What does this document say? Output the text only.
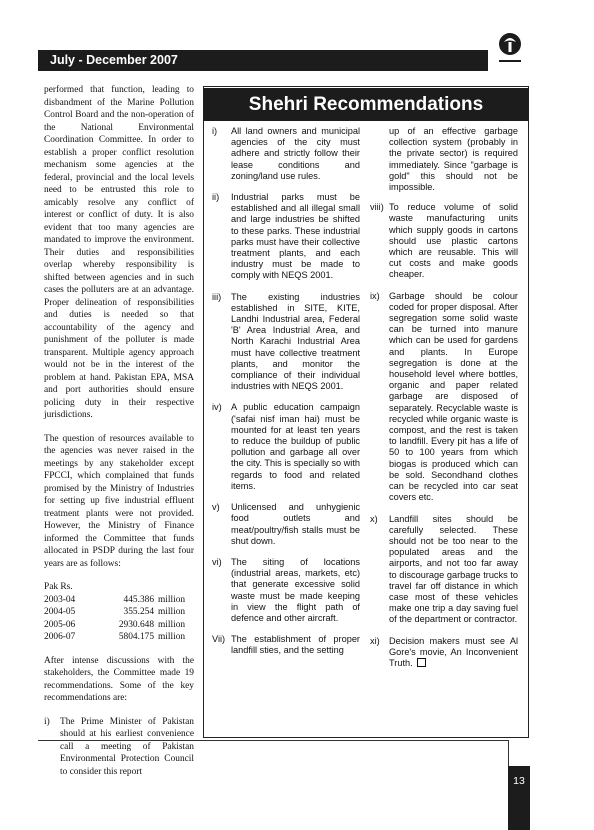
July - December 2007

performed that function, leading to disbandment of the Marine Pollution Control Board and the non-operation of the National Environmental Coordination Committee. In order to establish a proper conflict resolution mechanism some agencies at the federal, provincial and the local levels need to be entrusted this role to amicably resolve any conflict of interest or conflict of duty. It is also evident that too many agencies are mandated to improve the environment. Their duties and responsibilities overlap whereby responsibility is shifted between agencies and in such cases the polluters are at an advantage. Proper delineation of responsibilities and duties is needed so that accountability of the agency and punishment of the polluter is made transparent. Multiple agency approach would not be in the interest of the problem at hand. Pakistan EPA, MSA and port authorities should ensure policing duty in their respective jurisdictions.

The question of resources available to the agencies was never raised in the meetings by any stakeholder except FPCCI, which complained that funds promised by the Ministry of Industries for setting up five industrial effluent treatment plants were not provided. However, the Ministry of Finance informed the Committee that funds allocated in PSDP during the last four years are as follows:

Pak Rs.
2003-04	445.386 million
2004-05	355.254 million
2005-06	2930.648 million
2006-07	5804.175 million

After intense discussions with the stakeholders, the Committee made 19 recommendations. Some of the key recommendations are:

i)	The Prime Minister of Pakistan should at his earliest convenience call a meeting of Pakistan Environmental Protection Council to consider this report
Shehri Recommendations
i)	All land owners and municipal agencies of the city must adhere and strictly follow their lease conditions and zoning/land use rules.
ii)	Industrial parks must be established and all illegal small and large industries be shifted to these parks. These industrial parks must have their collective treatment plants, and each industry must be made to comply with NEQS 2001.
iii)	The existing industries established in SITE, KITE, Landhi Industrial area, Federal 'B' Area Industrial Area, and North Karachi Industrial Area must have collective treatment plants, and monitor the compliance of their individual industries with NEQS 2001.
iv)	A public education campaign ('safai nisf iman hai) must be mounted for at least ten years to reduce the buildup of public pollution and garbage all over the city. This is specially so with regards to food and related items.
v)	Unlicensed and unhygienic food outlets and meat/poultry/fish stalls must be shut down.
vi)	The siting of locations (industrial areas, markets, etc) that generate excessive solid waste must be made keeping in view the flight path of defence and other aircraft.
Vii) The establishment of proper landfill sties, and the setting
up of an effective garbage collection system (probably in the private sector) is required immediately. Since "garbage is gold" this should not be impossible.
viii) To reduce volume of solid waste manufacturing units which supply goods in cartons should use plastic cartons which are reusable. This will cut costs and make goods cheaper.
ix)	Garbage should be colour coded for proper disposal. After segregation some solid waste can be turned into manure which can be used for gardens and plants. In Europe segregation is done at the household level where bottles, organic and paper related garbage are disposed of separately. Recyclable waste is recycled while organic waste is compost, and the rest is taken to landfill. Every pit has a life of 50 to 100 years from which biogas is produced which can be sold. Secondhand clothes can be recycled into car seat covers etc.
x)	Landfill sites should be carefully selected. These should not be too near to the populated areas and the airports, and not too far away to discourage garbage trucks to travel far off distance in which case most of these vehicles make one trip a day saving fuel of the department or contractor.
xi)	Decision makers must see Al Gore's movie, An Inconvenient Truth.
13
